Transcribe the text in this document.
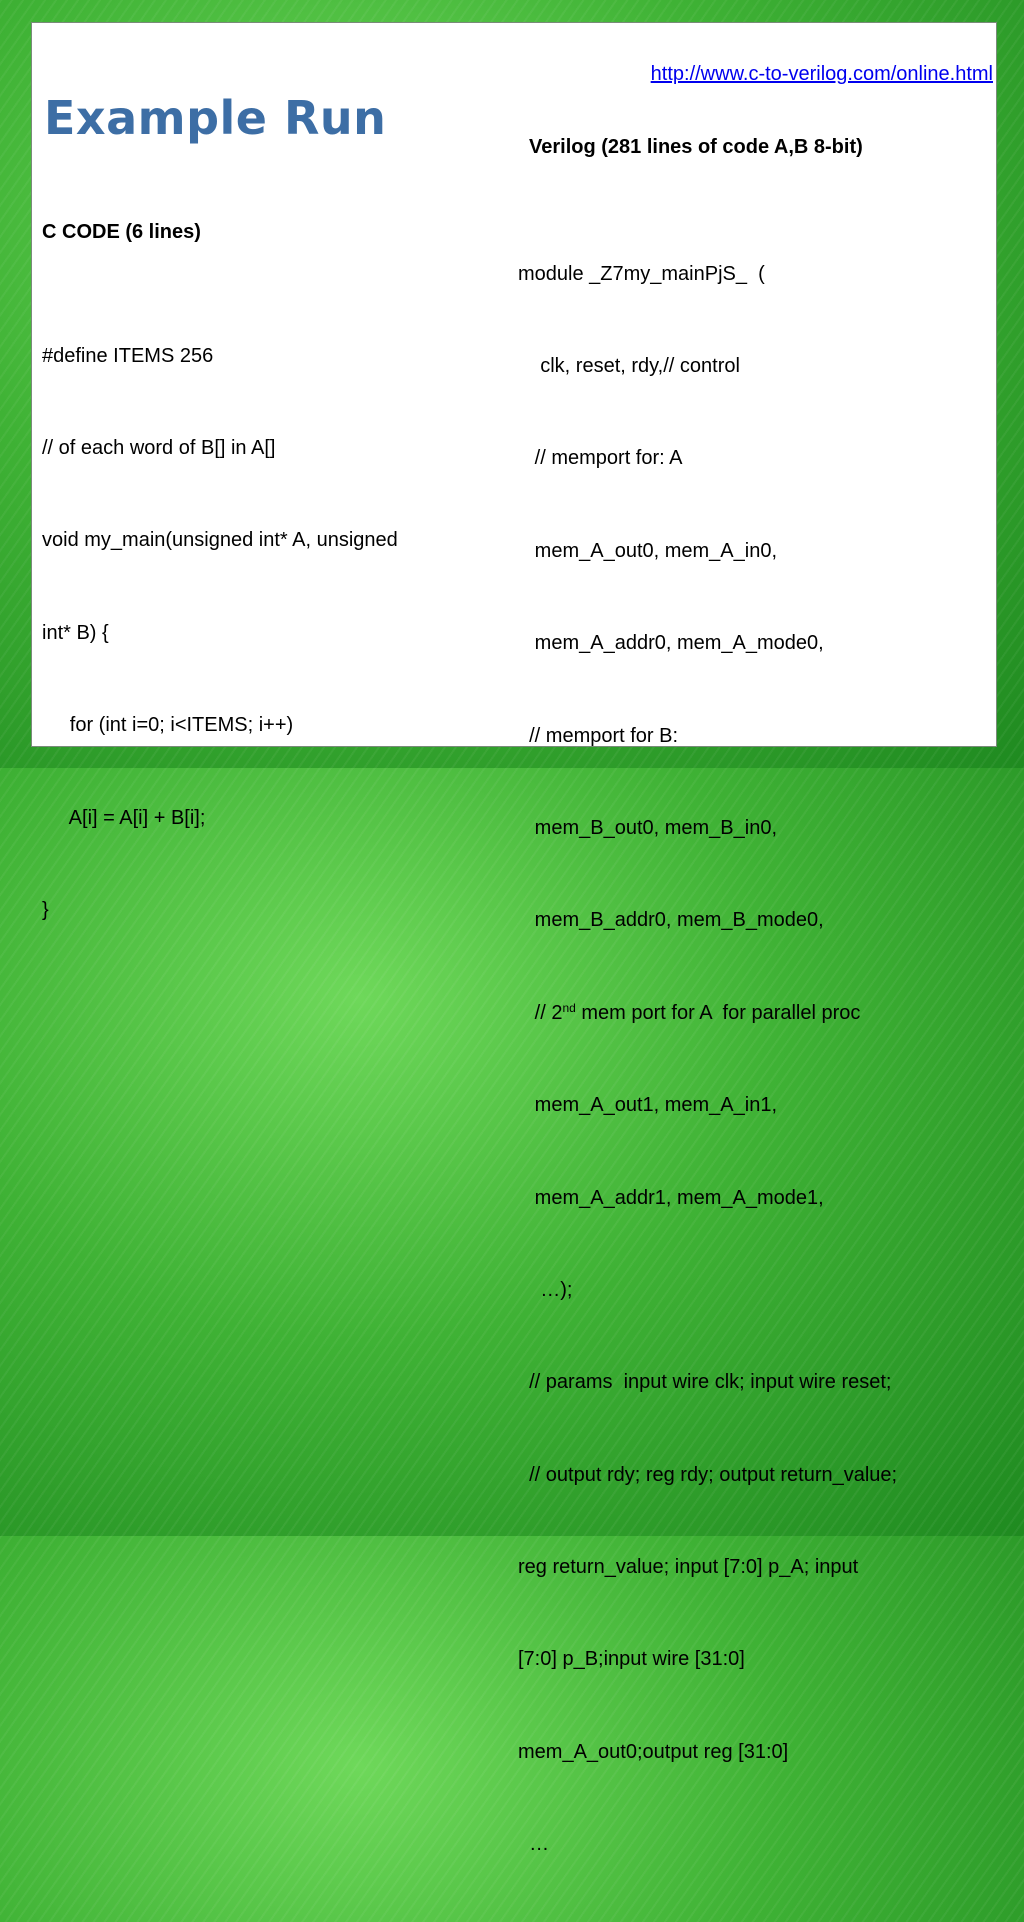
http://www.c-to-verilog.com/online.html
Example Run
Verilog (281 lines of code A,B 8-bit)
C CODE (6 lines)

#define ITEMS 256

// of each word of B[] in A[]

void my_main(unsigned int* A, unsigned

int* B) {

for (int i=0; i<ITEMS; i++)

A[i] = A[i] + B[i];

}

module _Z7my_mainPjS_  (

clk, reset, rdy,// control

// memport for: A

mem_A_out0, mem_A_in0,

mem_A_addr0, mem_A_mode0,

// memport for B:

mem_B_out0, mem_B_in0,

mem_B_addr0, mem_B_mode0,

// 2nd mem port for A  for parallel proc

mem_A_out1, mem_A_in1,

mem_A_addr1, mem_A_mode1,

…);

// params  input wire clk; input wire reset;

// output rdy; reg rdy; output return_value;

reg return_value; input [7:0] p_A; input

[7:0] p_B;input wire [31:0]

mem_A_out0;output reg [31:0]

…
